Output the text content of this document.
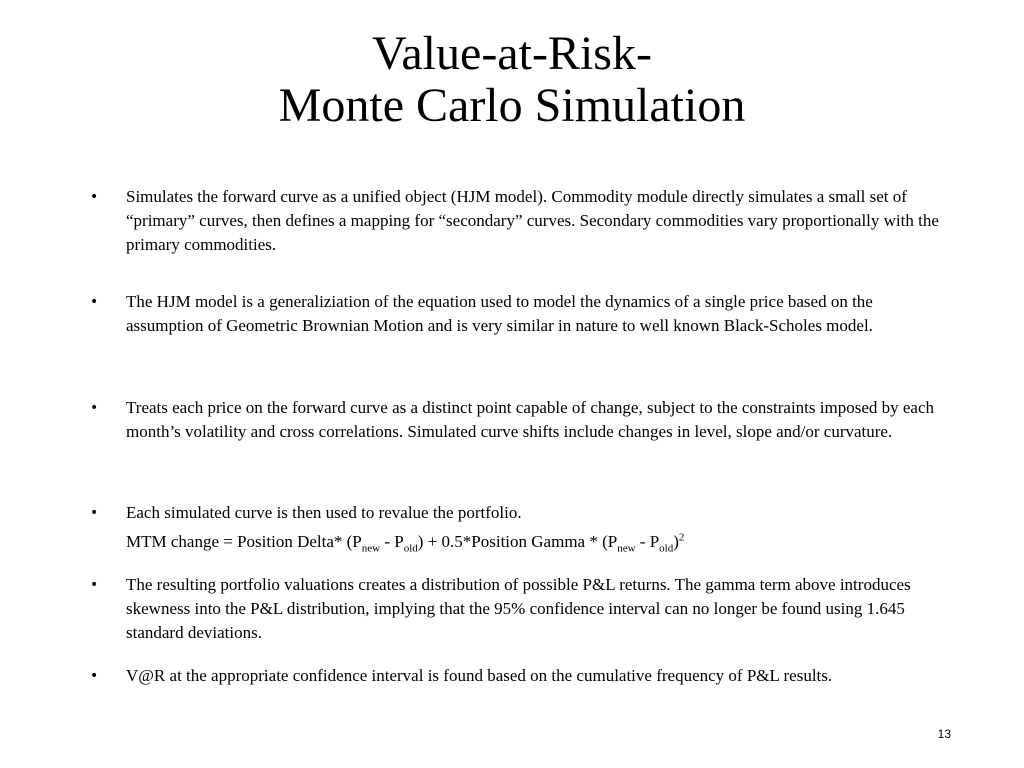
Value-at-Risk-
Monte Carlo Simulation
• Simulates the forward curve as a unified object (HJM model). Commodity module directly simulates a small set of “primary” curves, then defines a mapping for “secondary” curves. Secondary commodities vary proportionally with the primary commodities.
• The HJM model is a generaliziation of the equation used to model the dynamics of a single price based on the assumption of Geometric Brownian Motion and is very similar in nature to well known Black-Scholes model.
• Treats each price on the forward curve as a distinct point capable of change, subject to the constraints imposed by each month’s volatility and cross correlations. Simulated curve shifts include changes in level, slope and/or curvature.
• Each simulated curve is then used to revalue the portfolio.
MTM change = Position Delta* $(P_{new} - P_{old})$ + 0.5*Position Gamma * $(P_{new} - P_{old})^2$
• The resulting portfolio valuations creates a distribution of possible P&L returns. The gamma term above introduces skewness into the P&L distribution, implying that the 95% confidence interval can no longer be found using 1.645 standard deviations.
• V@R at the appropriate confidence interval is found based on the cumulative frequency of P&L results.
13
